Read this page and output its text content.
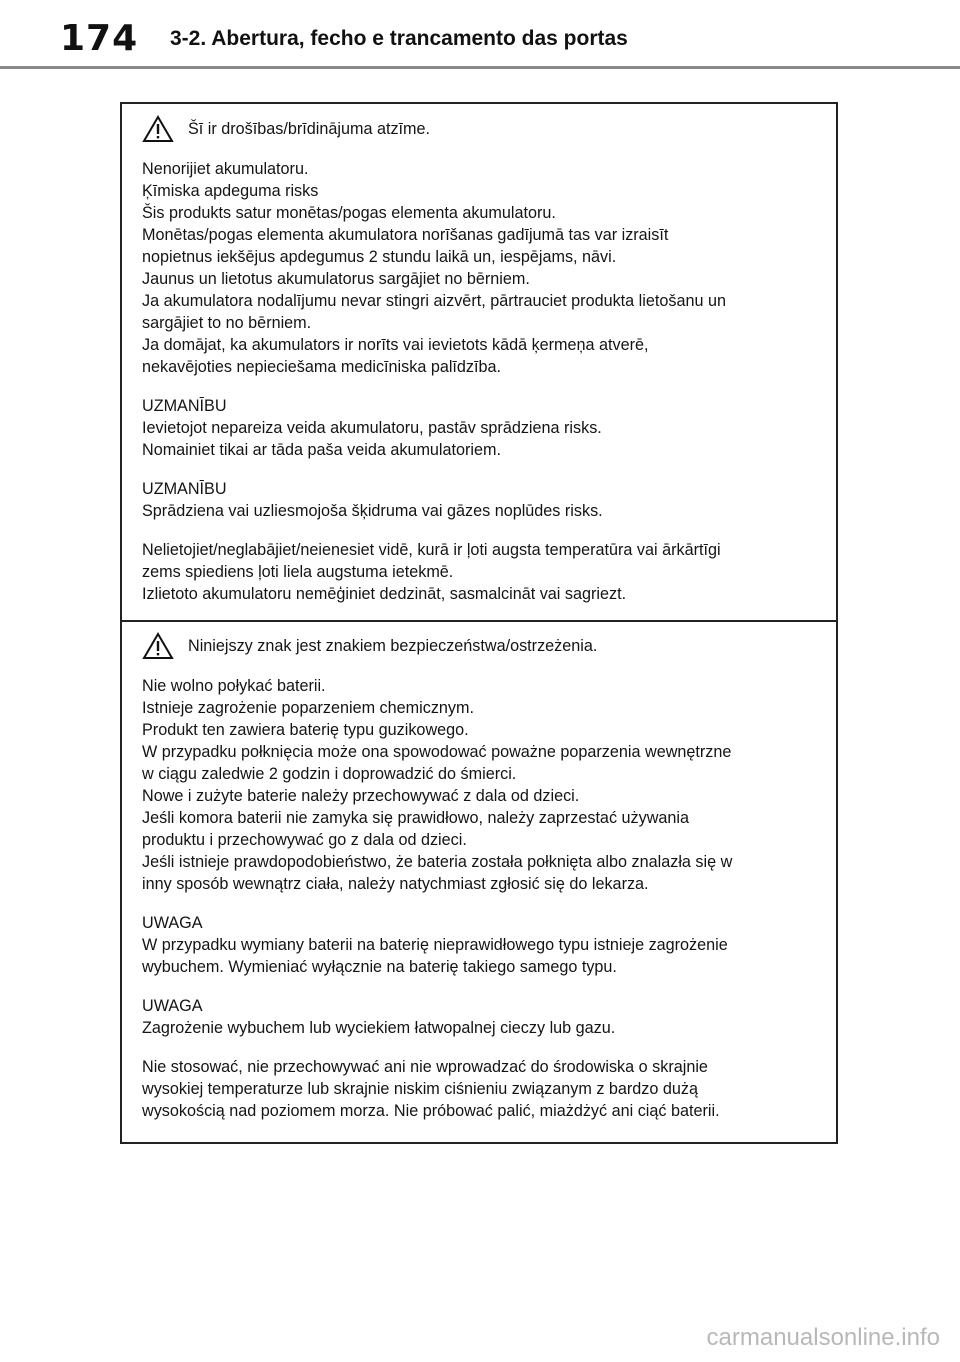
174 3-2. Abertura, fecho e trancamento das portas
Šī ir drošības/brīdinājuma atzīme.
Nenorijiet akumulatoru.
Ķīmiska apdeguma risks
Šis produkts satur monētas/pogas elementa akumulatoru.
Monētas/pogas elementa akumulatora norīšanas gadījumā tas var izraisīt
nopietnus iekšējus apdegumus 2 stundu laikā un, iespējams, nāvi.
Jaunus un lietotus akumulatorus sargājiet no bērniem.
Ja akumulatora nodalījumu nevar stingri aizvērt, pārtrauciet produkta lietošanu un
sargājiet to no bērniem.
Ja domājat, ka akumulators ir norīts vai ievietots kādā ķermeņa atverē,
nekavējoties nepieciešama medicīniska palīdzība.
UZMANĪBU
Ievietojot nepareiza veida akumulatoru, pastāv sprādziena risks.
Nomainiet tikai ar tāda paša veida akumulatoriem.
UZMANĪBU
Sprādziena vai uzliesmojoša šķidruma vai gāzes noplūdes risks.
Nelietojiet/neglabājiet/neienesiet vidē, kurā ir ļoti augsta temperatūra vai ārkārtīgi
zems spiediens ļoti liela augstuma ietekmē.
Izlietoto akumulatoru nemēģiniet dedzināt, sasmalcināt vai sagriezt.
Niniejszy znak jest znakiem bezpieczeństwa/ostrzeżenia.
Nie wolno połykać baterii.
Istnieje zagrożenie poparzeniem chemicznym.
Produkt ten zawiera baterię typu guzikowego.
W przypadku połknięcia może ona spowodować poważne poparzenia wewnętrzne
w ciągu zaledwie 2 godzin i doprowadzić do śmierci.
Nowe i zużyte baterie należy przechowywać z dala od dzieci.
Jeśli komora baterii nie zamyka się prawidłowo, należy zaprzestać używania
produktu i przechowywać go z dala od dzieci.
Jeśli istnieje prawdopodobieństwo, że bateria została połknięta albo znalazła się w
inny sposób wewnątrz ciała, należy natychmiast zgłosić się do lekarza.
UWAGA
W przypadku wymiany baterii na baterię nieprawidłowego typu istnieje zagrożenie
wybuchem. Wymieniać wyłącznie na baterię takiego samego typu.
UWAGA
Zagrożenie wybuchem lub wyciekiem łatwopalnej cieczy lub gazu.
Nie stosować, nie przechowywać ani nie wprowadzać do środowiska o skrajnie
wysokiej temperaturze lub skrajnie niskim ciśnieniu związanym z bardzo dużą
wysokością nad poziomem morza. Nie próbować palić, miażdżyć ani ciąć baterii.
carmanualsonline.info
